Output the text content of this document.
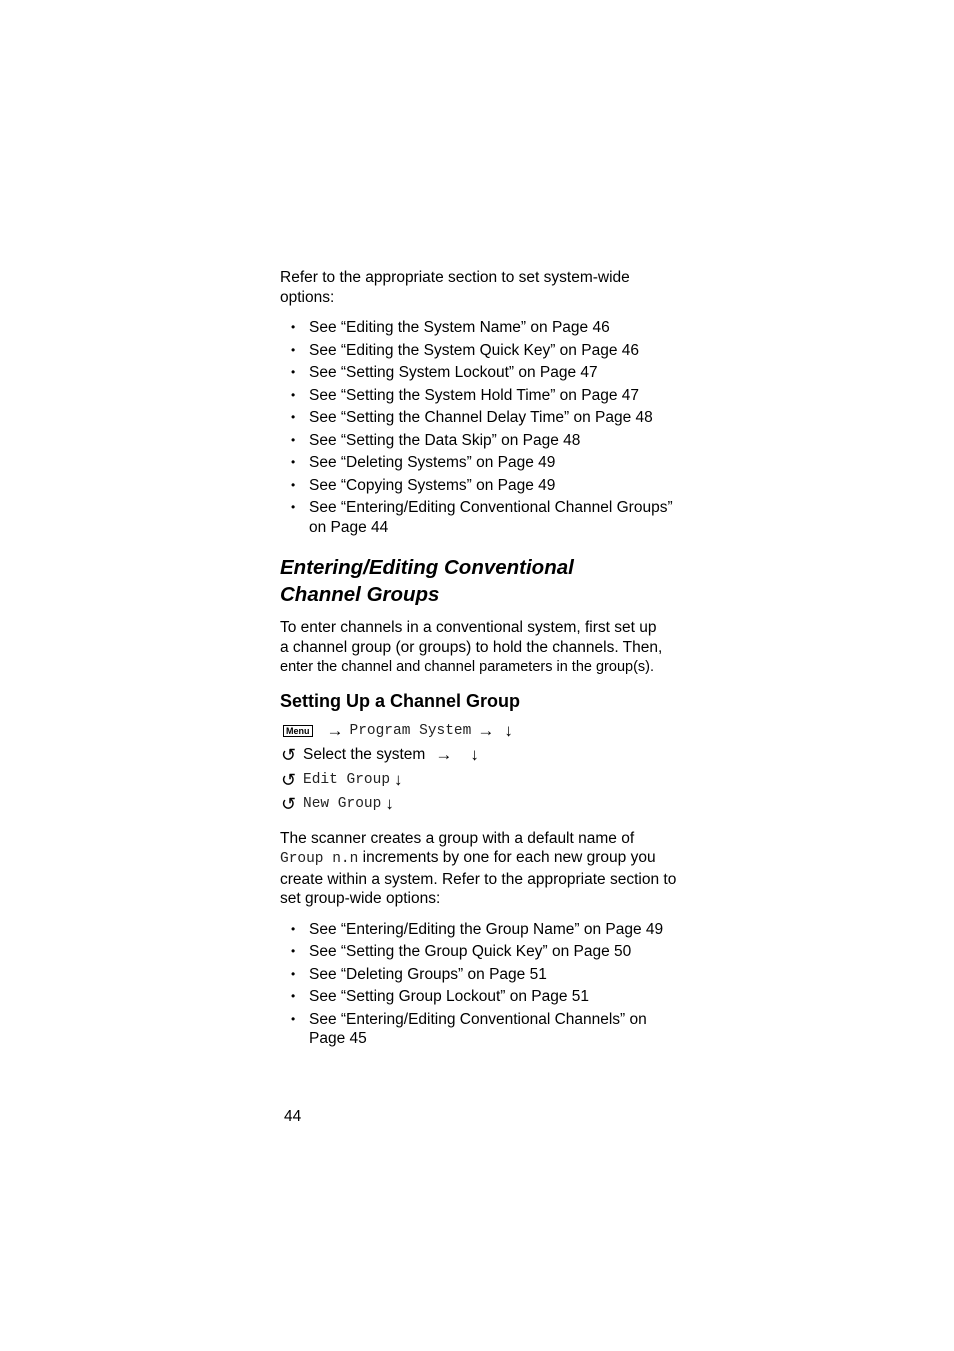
Refer to the appropriate section to set system-wide options:

• See “Editing the System Name” on Page 46
• See “Editing the System Quick Key” on Page 46
• See “Setting System Lockout” on Page 47
• See “Setting the System Hold Time” on Page 47
• See “Setting the Channel Delay Time” on Page 48
• See “Setting the Data Skip” on Page 48
• See “Deleting Systems” on Page 49
• See “Copying Systems” on Page 49
• See “Entering/Editing Conventional Channel Groups” on Page 44
Entering/Editing Conventional
Channel Groups

To enter channels in a conventional system, first set up
a channel group (or groups) to hold the channels. Then,
enter the channel and channel parameters in the group(s).

Setting Up a Channel Group
Menu → Program System → ↓
↺ Select the system → ↓
↺ Edit Group ↓
↺ New Group ↓

The scanner creates a group with a default name of
Group n.n increments by one for each new group you create within a system. Refer to the appropriate section to set group-wide options:

• See “Entering/Editing the Group Name” on Page 49
• See “Setting the Group Quick Key” on Page 50
• See “Deleting Groups” on Page 51
• See “Setting Group Lockout” on Page 51
• See “Entering/Editing Conventional Channels” on Page 45
44
